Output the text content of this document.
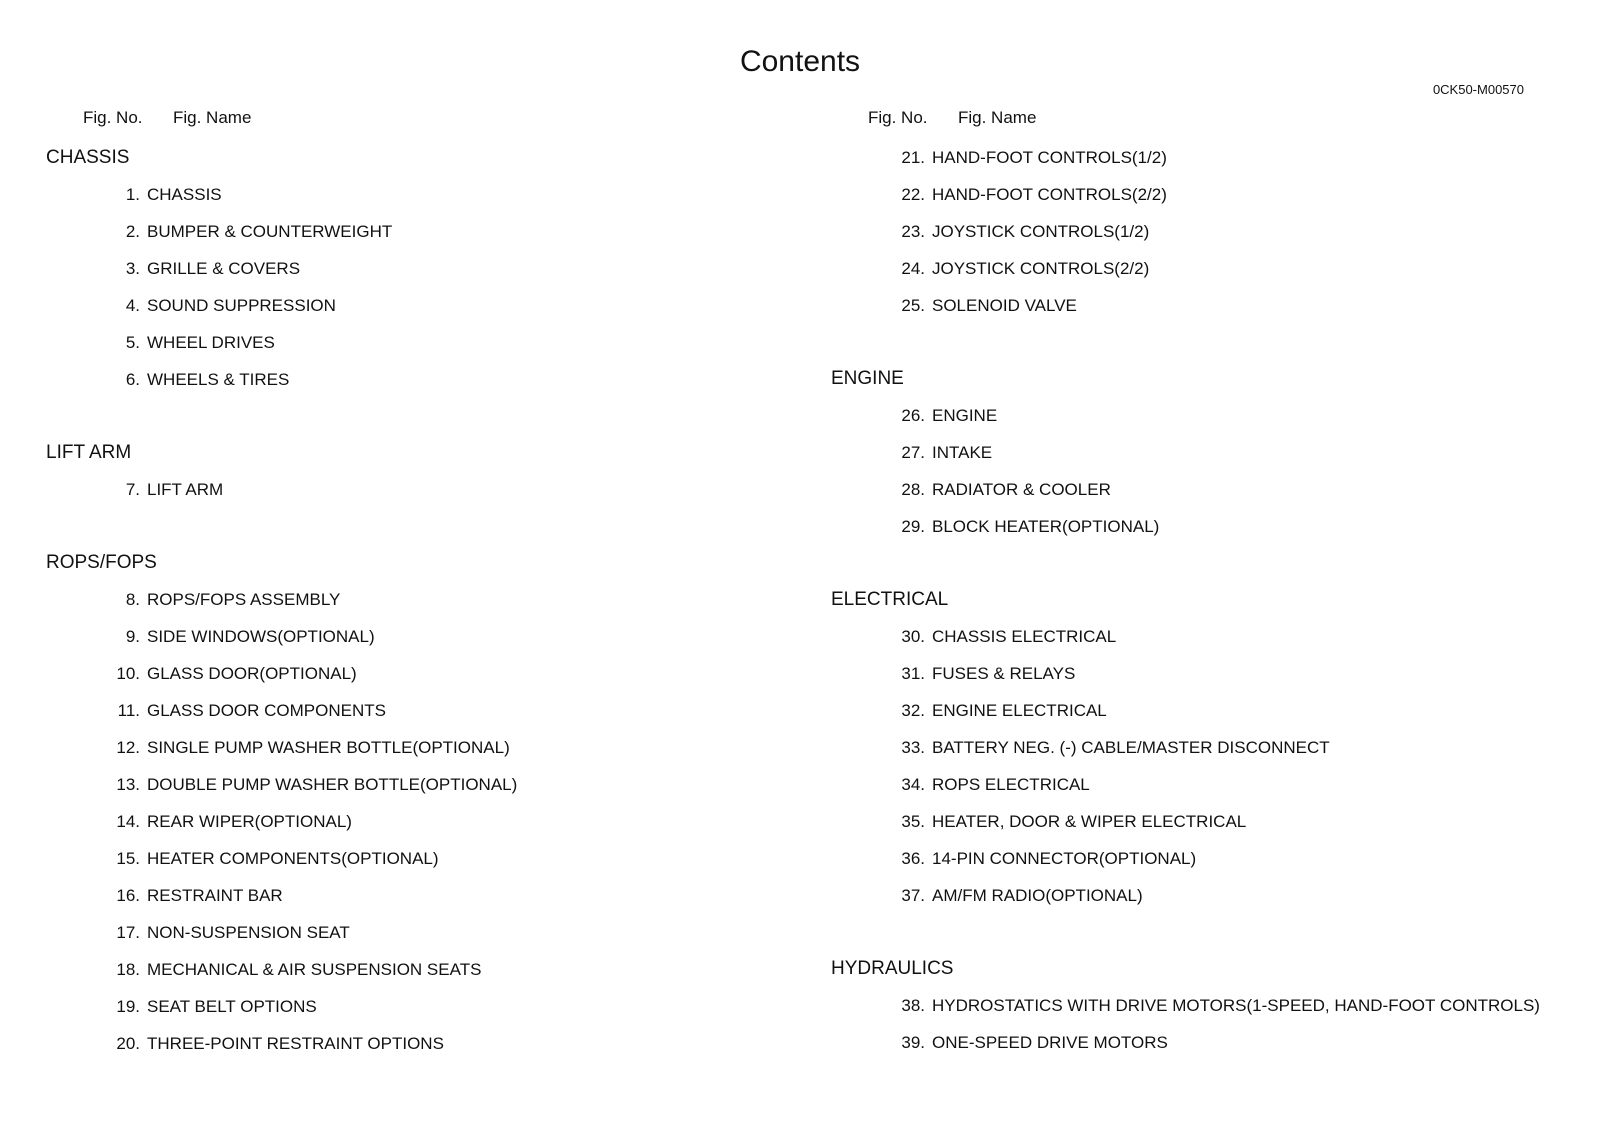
Contents
0CK50-M00570
Fig. No. Fig. Name
CHASSIS
1. CHASSIS
2. BUMPER & COUNTERWEIGHT
3. GRILLE & COVERS
4. SOUND SUPPRESSION
5. WHEEL DRIVES
6. WHEELS & TIRES
LIFT ARM
7. LIFT ARM
ROPS/FOPS
8. ROPS/FOPS ASSEMBLY
9. SIDE WINDOWS(OPTIONAL)
10. GLASS DOOR(OPTIONAL)
11. GLASS DOOR COMPONENTS
12. SINGLE PUMP WASHER BOTTLE(OPTIONAL)
13. DOUBLE PUMP WASHER BOTTLE(OPTIONAL)
14. REAR WIPER(OPTIONAL)
15. HEATER COMPONENTS(OPTIONAL)
16. RESTRAINT BAR
17. NON-SUSPENSION SEAT
18. MECHANICAL & AIR SUSPENSION SEATS
19. SEAT BELT OPTIONS
20. THREE-POINT RESTRAINT OPTIONS
Fig. No. Fig. Name
21. HAND-FOOT CONTROLS(1/2)
22. HAND-FOOT CONTROLS(2/2)
23. JOYSTICK CONTROLS(1/2)
24. JOYSTICK CONTROLS(2/2)
25. SOLENOID VALVE
ENGINE
26. ENGINE
27. INTAKE
28. RADIATOR & COOLER
29. BLOCK HEATER(OPTIONAL)
ELECTRICAL
30. CHASSIS ELECTRICAL
31. FUSES & RELAYS
32. ENGINE ELECTRICAL
33. BATTERY NEG. (-) CABLE/MASTER DISCONNECT
34. ROPS ELECTRICAL
35. HEATER, DOOR & WIPER ELECTRICAL
36. 14-PIN CONNECTOR(OPTIONAL)
37. AM/FM RADIO(OPTIONAL)
HYDRAULICS
38. HYDROSTATICS WITH DRIVE MOTORS(1-SPEED, HAND-FOOT CONTROLS)
39. ONE-SPEED DRIVE MOTORS
